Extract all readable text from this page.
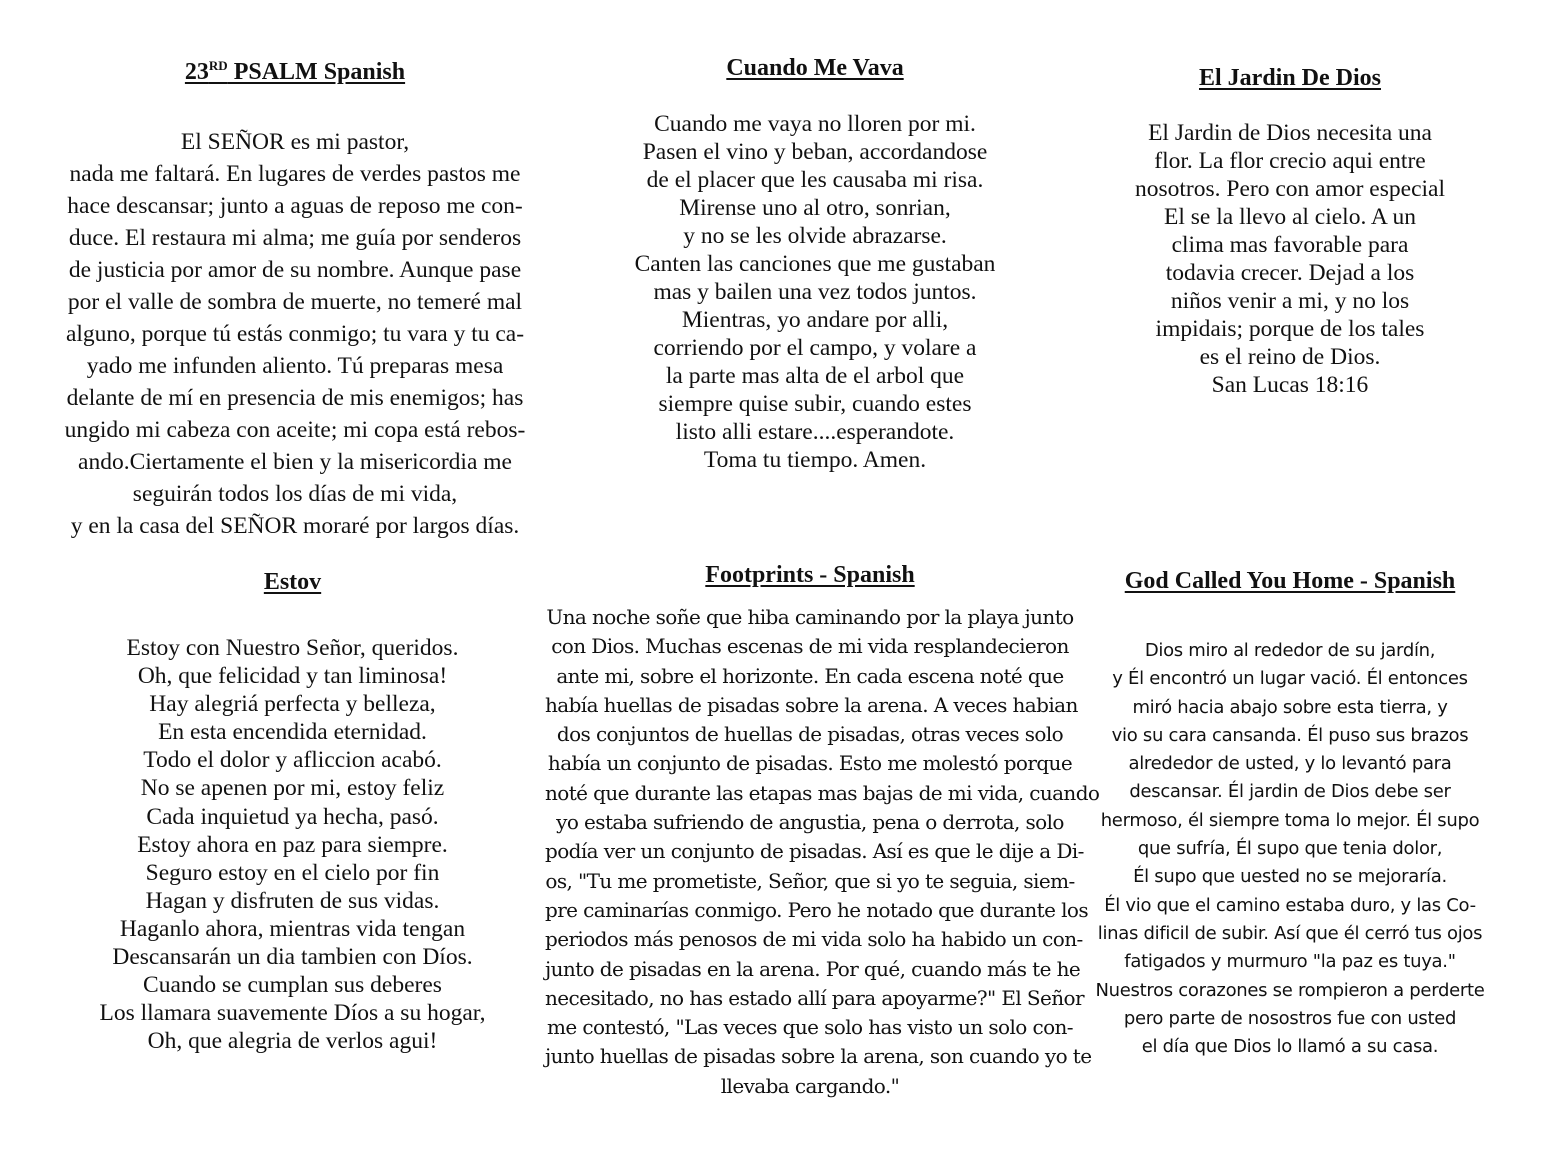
23RD PSALM Spanish
El SEÑOR es mi pastor,
nada me faltará. En lugares de verdes pastos me
hace descansar; junto a aguas de reposo me con-
duce. El restaura mi alma; me guía por senderos
de justicia por amor de su nombre. Aunque pase
por el valle de sombra de muerte, no temeré mal
alguno, porque tú estás conmigo; tu vara y tu ca-
yado me infunden aliento. Tú preparas mesa
delante de mí en presencia de mis enemigos; has
ungido mi cabeza con aceite; mi copa está rebos-
ando.Ciertamente el bien y la misericordia me
seguirán todos los días de mi vida,
y en la casa del SEÑOR moraré por largos días.
Cuando Me Vava
Cuando me vaya no lloren por mi.
Pasen el vino y beban, accordandose
de el placer que les causaba mi risa.
Mirense uno al otro, sonrian,
y no se les olvide abrazarse.
Canten las canciones que me gustaban
mas y bailen una vez todos juntos.
Mientras, yo andare por alli,
corriendo por el campo, y volare a
la parte mas alta de el arbol que
siempre quise subir, cuando estes
listo alli estare....esperandote.
Toma tu tiempo. Amen.
El Jardin De Dios
El Jardin de Dios necesita una
flor. La flor crecio aqui entre
nosotros. Pero con amor especial
El se la llevo al cielo. A un
clima mas favorable para
todavia crecer. Dejad a los
niños venir a mi, y no los
impidais; porque de los tales
es el reino de Dios.
San Lucas 18:16
Estov
Estoy con Nuestro Señor, queridos.
Oh, que felicidad y tan liminosa!
Hay alegriá perfecta y belleza,
En esta encendida eternidad.
Todo el dolor y afliccion acabó.
No se apenen por mi, estoy feliz
Cada inquietud ya hecha, pasó.
Estoy ahora en paz para siempre.
Seguro estoy en el cielo por fin
Hagan y disfruten de sus vidas.
Haganlo ahora, mientras vida tengan
Descansarán un dia tambien con Díos.
Cuando se cumplan sus deberes
Los llamara suavemente Díos a su hogar,
Oh, que alegria de verlos agui!
Footprints - Spanish
Una noche soñe que hiba caminando por la playa junto
con Dios. Muchas escenas de mi vida resplandecieron
ante mi, sobre el horizonte. En cada escena noté que
había huellas de pisadas sobre la arena. A veces habian
dos conjuntos de huellas de pisadas, otras veces solo
había un conjunto de pisadas. Esto me molestó porque
noté que durante las etapas mas bajas de mi vida, cuando
yo estaba sufriendo de angustia, pena o derrota, solo
podía ver un conjunto de pisadas. Así es que le dije a Di-
os, "Tu me prometiste, Señor, que si yo te seguia, siem-
pre caminarías conmigo. Pero he notado que durante los
periodos más penosos de mi vida solo ha habido un con-
junto de pisadas en la arena. Por qué, cuando más te he
necesitado, no has estado allí para apoyarme?" El Señor
me contestó, "Las veces que solo has visto un solo con-
junto huellas de pisadas sobre la arena, son cuando yo te
llevaba cargando."
God Called You Home - Spanish
Dios miro al rededor de su jardín,
y Él encontró un lugar vació. Él entonces
miró hacia abajo sobre esta tierra, y
vio su cara cansanda. Él puso sus brazos
alrededor de usted, y lo levantó para
descansar. Él jardin de Dios debe ser
hermoso, él siempre toma lo mejor. Él supo
que sufría, Él supo que tenia dolor,
Él supo que uested no se mejoraría.
Él vio que el camino estaba duro, y las Co-
linas dificil de subir. Así que él cerró tus ojos
fatigados y murmuro "la paz es tuya."
Nuestros corazones se rompieron a perderte
pero parte de nosostros fue con usted
el día que Dios lo llamó a su casa.
